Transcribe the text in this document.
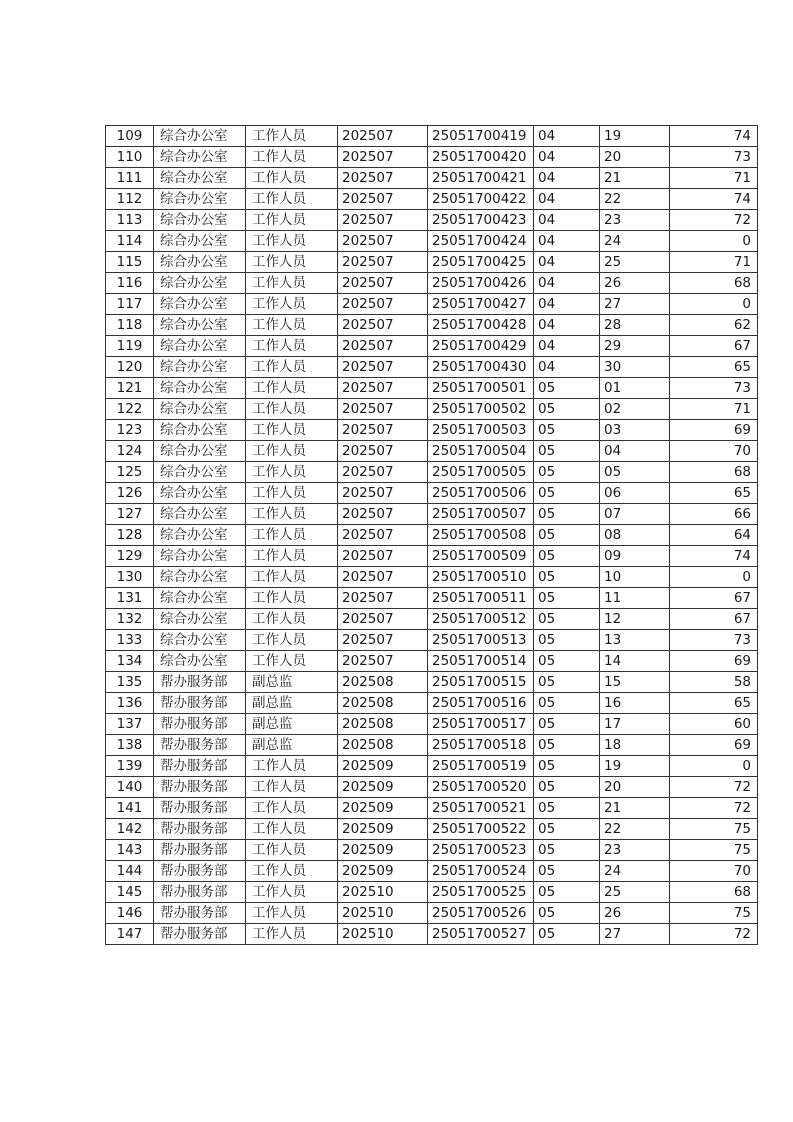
109	综合办公室	工作人员	202507	25051700419	04	19	74
110	综合办公室	工作人员	202507	25051700420	04	20	73
111	综合办公室	工作人员	202507	25051700421	04	21	71
112	综合办公室	工作人员	202507	25051700422	04	22	74
113	综合办公室	工作人员	202507	25051700423	04	23	72
114	综合办公室	工作人员	202507	25051700424	04	24	0
115	综合办公室	工作人员	202507	25051700425	04	25	71
116	综合办公室	工作人员	202507	25051700426	04	26	68
117	综合办公室	工作人员	202507	25051700427	04	27	0
118	综合办公室	工作人员	202507	25051700428	04	28	62
119	综合办公室	工作人员	202507	25051700429	04	29	67
120	综合办公室	工作人员	202507	25051700430	04	30	65
121	综合办公室	工作人员	202507	25051700501	05	01	73
122	综合办公室	工作人员	202507	25051700502	05	02	71
123	综合办公室	工作人员	202507	25051700503	05	03	69
124	综合办公室	工作人员	202507	25051700504	05	04	70
125	综合办公室	工作人员	202507	25051700505	05	05	68
126	综合办公室	工作人员	202507	25051700506	05	06	65
127	综合办公室	工作人员	202507	25051700507	05	07	66
128	综合办公室	工作人员	202507	25051700508	05	08	64
129	综合办公室	工作人员	202507	25051700509	05	09	74
130	综合办公室	工作人员	202507	25051700510	05	10	0
131	综合办公室	工作人员	202507	25051700511	05	11	67
132	综合办公室	工作人员	202507	25051700512	05	12	67
133	综合办公室	工作人员	202507	25051700513	05	13	73
134	综合办公室	工作人员	202507	25051700514	05	14	69
135	帮办服务部	副总监	202508	25051700515	05	15	58
136	帮办服务部	副总监	202508	25051700516	05	16	65
137	帮办服务部	副总监	202508	25051700517	05	17	60
138	帮办服务部	副总监	202508	25051700518	05	18	69
139	帮办服务部	工作人员	202509	25051700519	05	19	0
140	帮办服务部	工作人员	202509	25051700520	05	20	72
141	帮办服务部	工作人员	202509	25051700521	05	21	72
142	帮办服务部	工作人员	202509	25051700522	05	22	75
143	帮办服务部	工作人员	202509	25051700523	05	23	75
144	帮办服务部	工作人员	202509	25051700524	05	24	70
145	帮办服务部	工作人员	202510	25051700525	05	25	68
146	帮办服务部	工作人员	202510	25051700526	05	26	75
147	帮办服务部	工作人员	202510	25051700527	05	27	72
